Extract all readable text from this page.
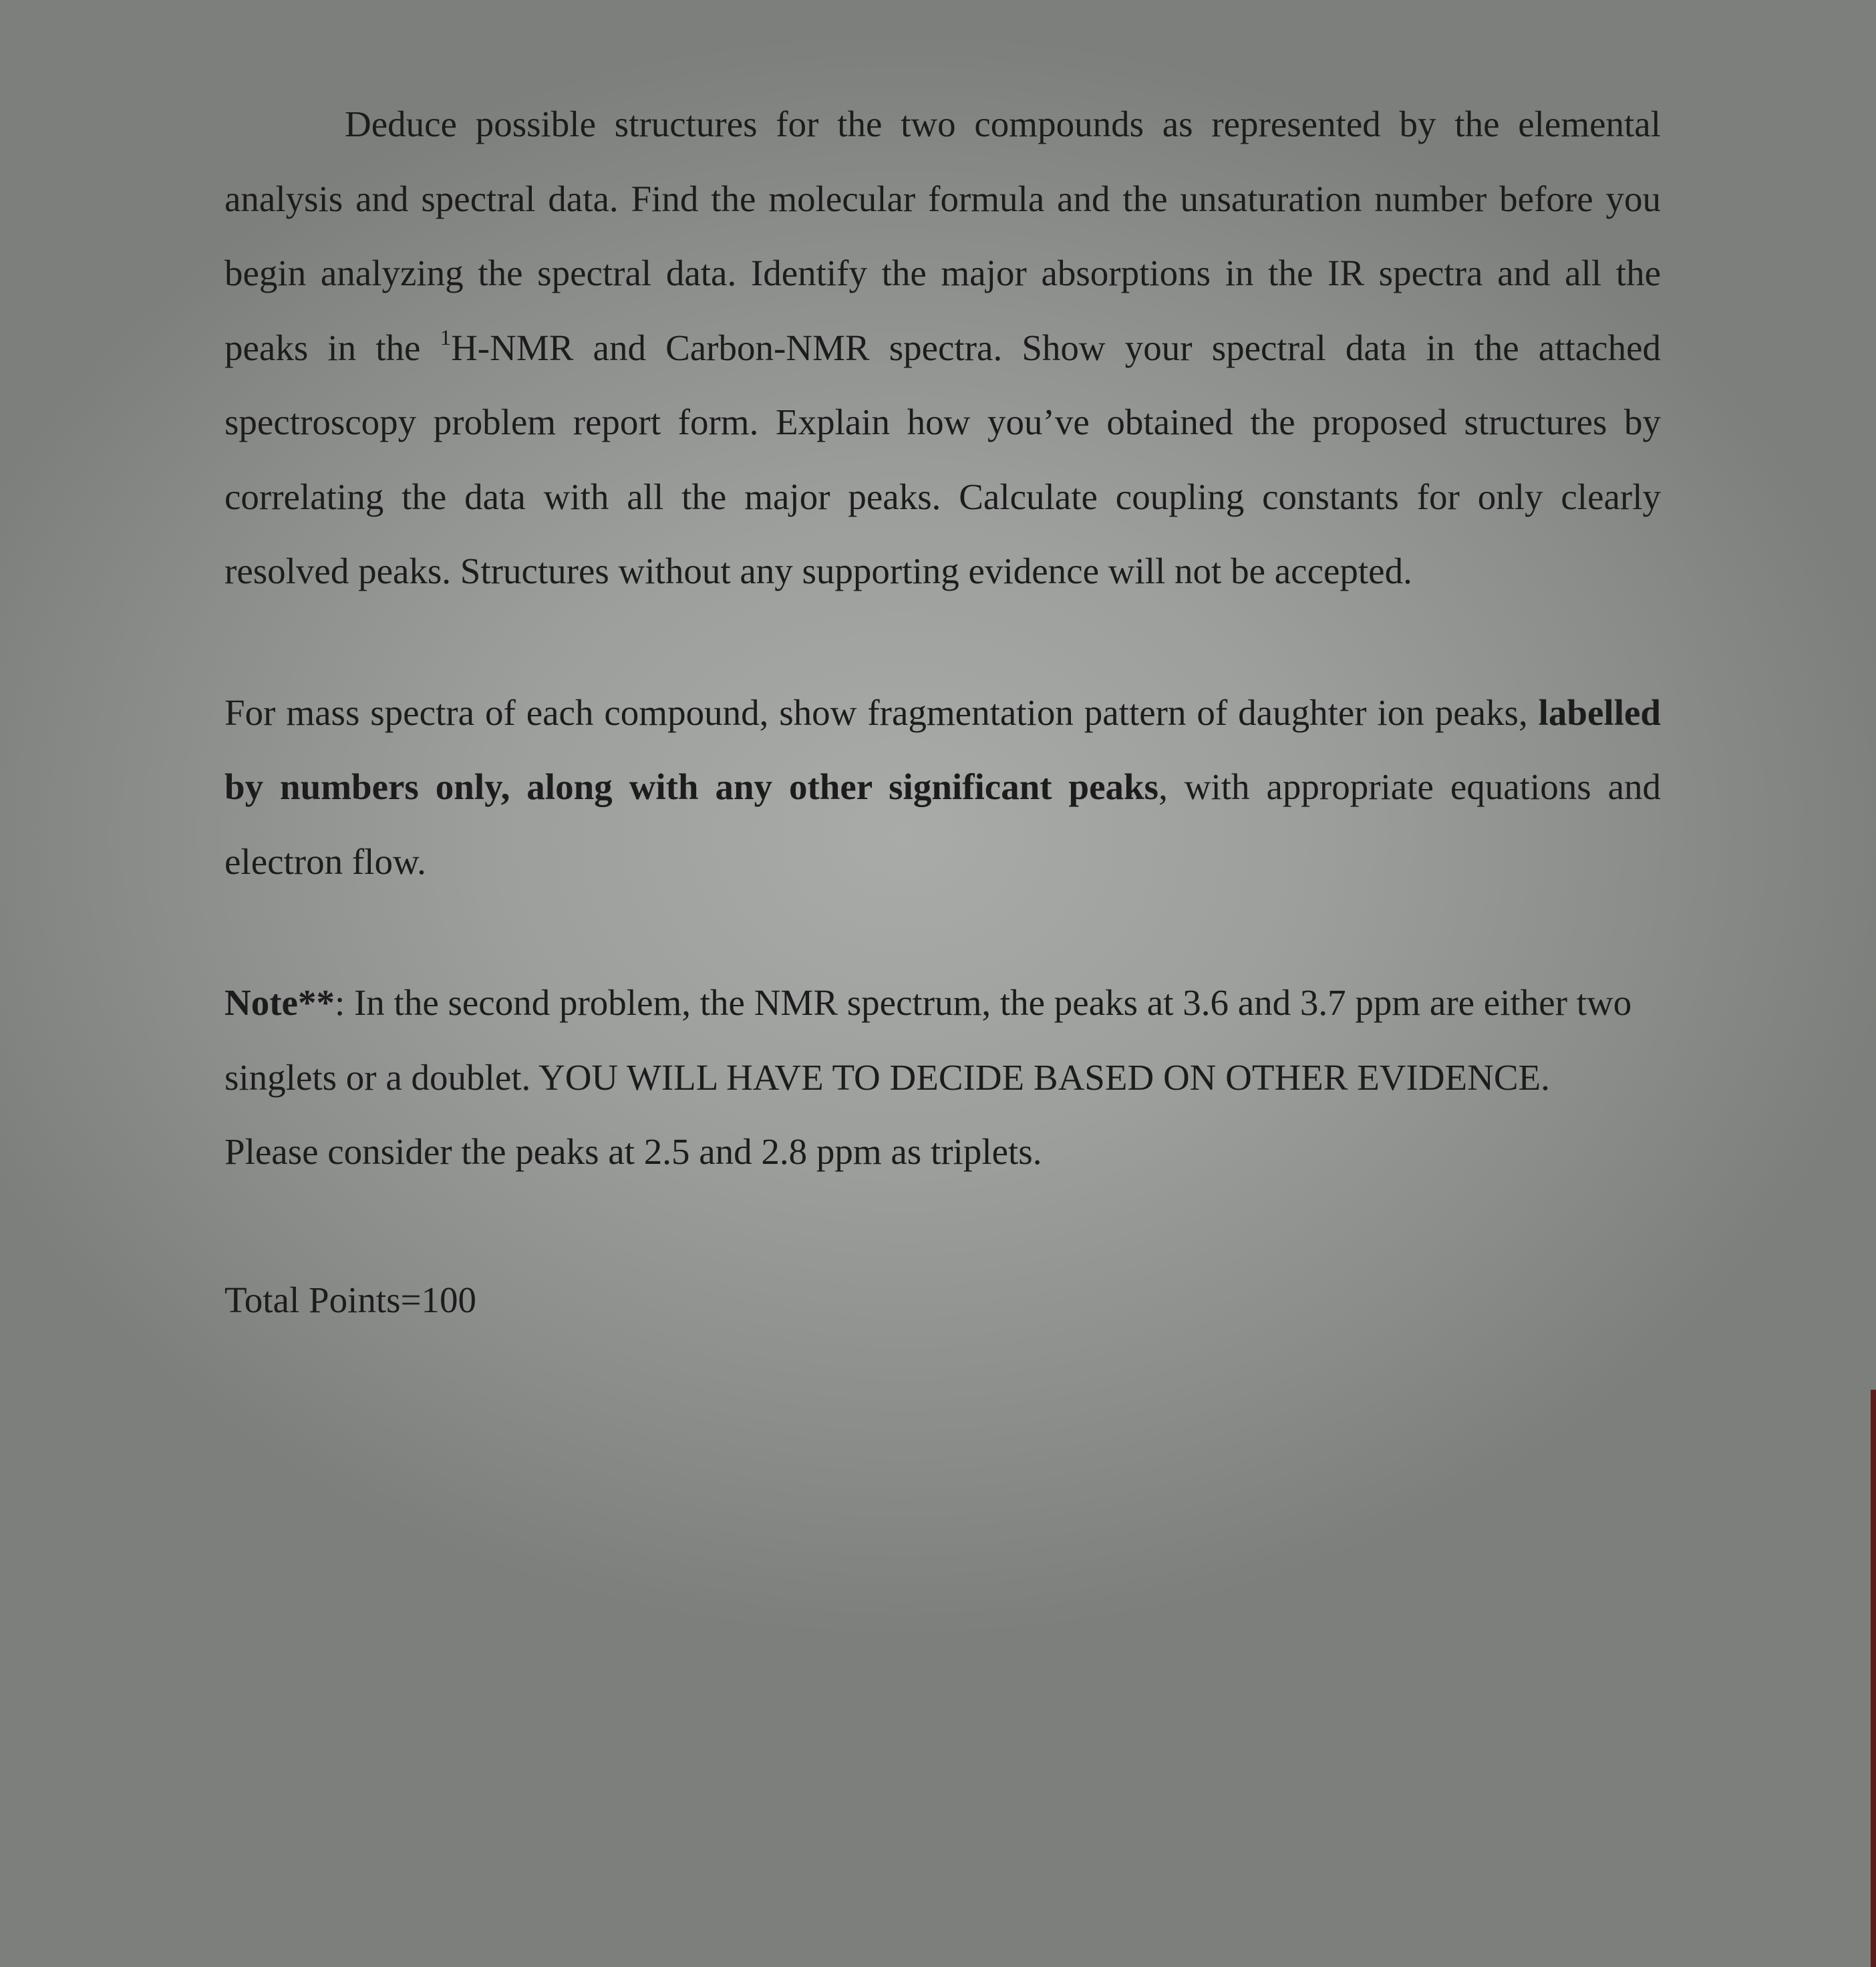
Deduce possible structures for the two compounds as represented by the elemental analysis and spectral data. Find the molecular formula and the unsaturation number before you begin analyzing the spectral data. Identify the major absorptions in the IR spectra and all the peaks in the $^1$H-NMR and Carbon-NMR spectra. Show your spectral data in the attached spectroscopy problem report form. Explain how you’ve obtained the proposed structures by correlating the data with all the major peaks. Calculate coupling constants for only clearly resolved peaks. Structures without any supporting evidence will not be accepted.

For mass spectra of each compound, show fragmentation pattern of daughter ion peaks, labelled by numbers only, along with any other significant peaks, with appropriate equations and electron flow.

Note**: In the second problem, the NMR spectrum, the peaks at 3.6 and 3.7 ppm are either two singlets or a doublet. YOU WILL HAVE TO DECIDE BASED ON OTHER EVIDENCE.
Please consider the peaks at 2.5 and 2.8 ppm as triplets.

Total Points=100
